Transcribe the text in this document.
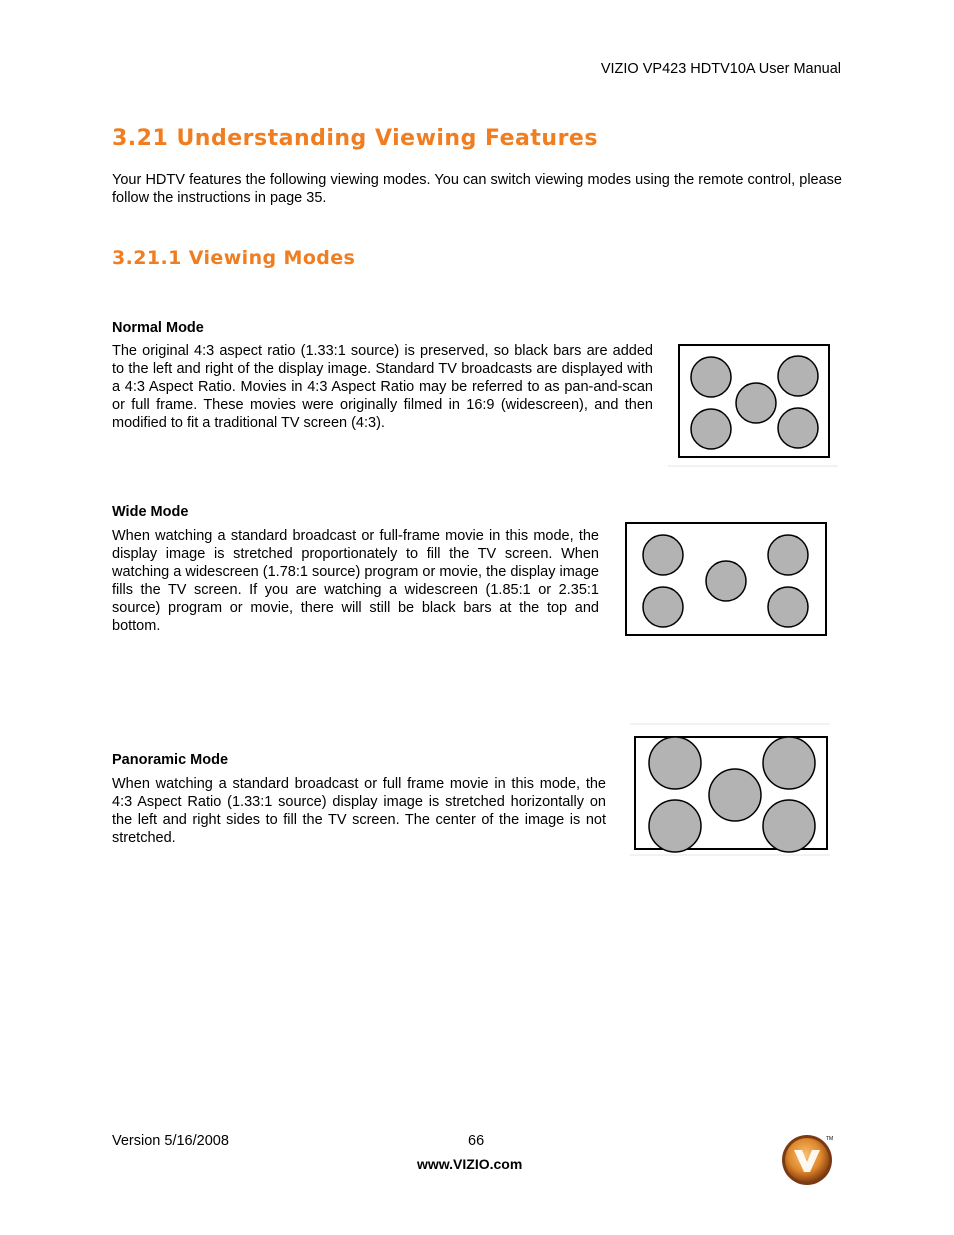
VIZIO VP423 HDTV10A User Manual
3.21 Understanding Viewing Features

Your HDTV features the following viewing modes. You can switch viewing modes using the remote control, please follow the instructions in page 35.

3.21.1 Viewing Modes
Normal Mode

The original 4:3 aspect ratio (1.33:1 source) is preserved, so black bars are added to the left and right of the display image. Standard TV broadcasts are displayed with a 4:3 Aspect Ratio. Movies in 4:3 Aspect Ratio may be referred to as pan-and-scan or full frame. These movies were originally filmed in 16:9 (widescreen), and then modified to fit a traditional TV screen (4:3).

Wide Mode

When watching a standard broadcast or full-frame movie in this mode, the display image is stretched proportionately to fill the TV screen. When watching a widescreen (1.78:1 source) program or movie, the display image fills the TV screen. If you are watching a widescreen (1.85:1 or 2.35:1 source) program or movie, there will still be black bars at the top and bottom.

Panoramic Mode

When watching a standard broadcast or full frame movie in this mode, the 4:3 Aspect Ratio (1.33:1 source) display image is stretched horizontally on the left and right sides to fill the TV screen. The center of the image is not stretched.

Version 5/16/2008	66
www.VIZIO.com
TM
